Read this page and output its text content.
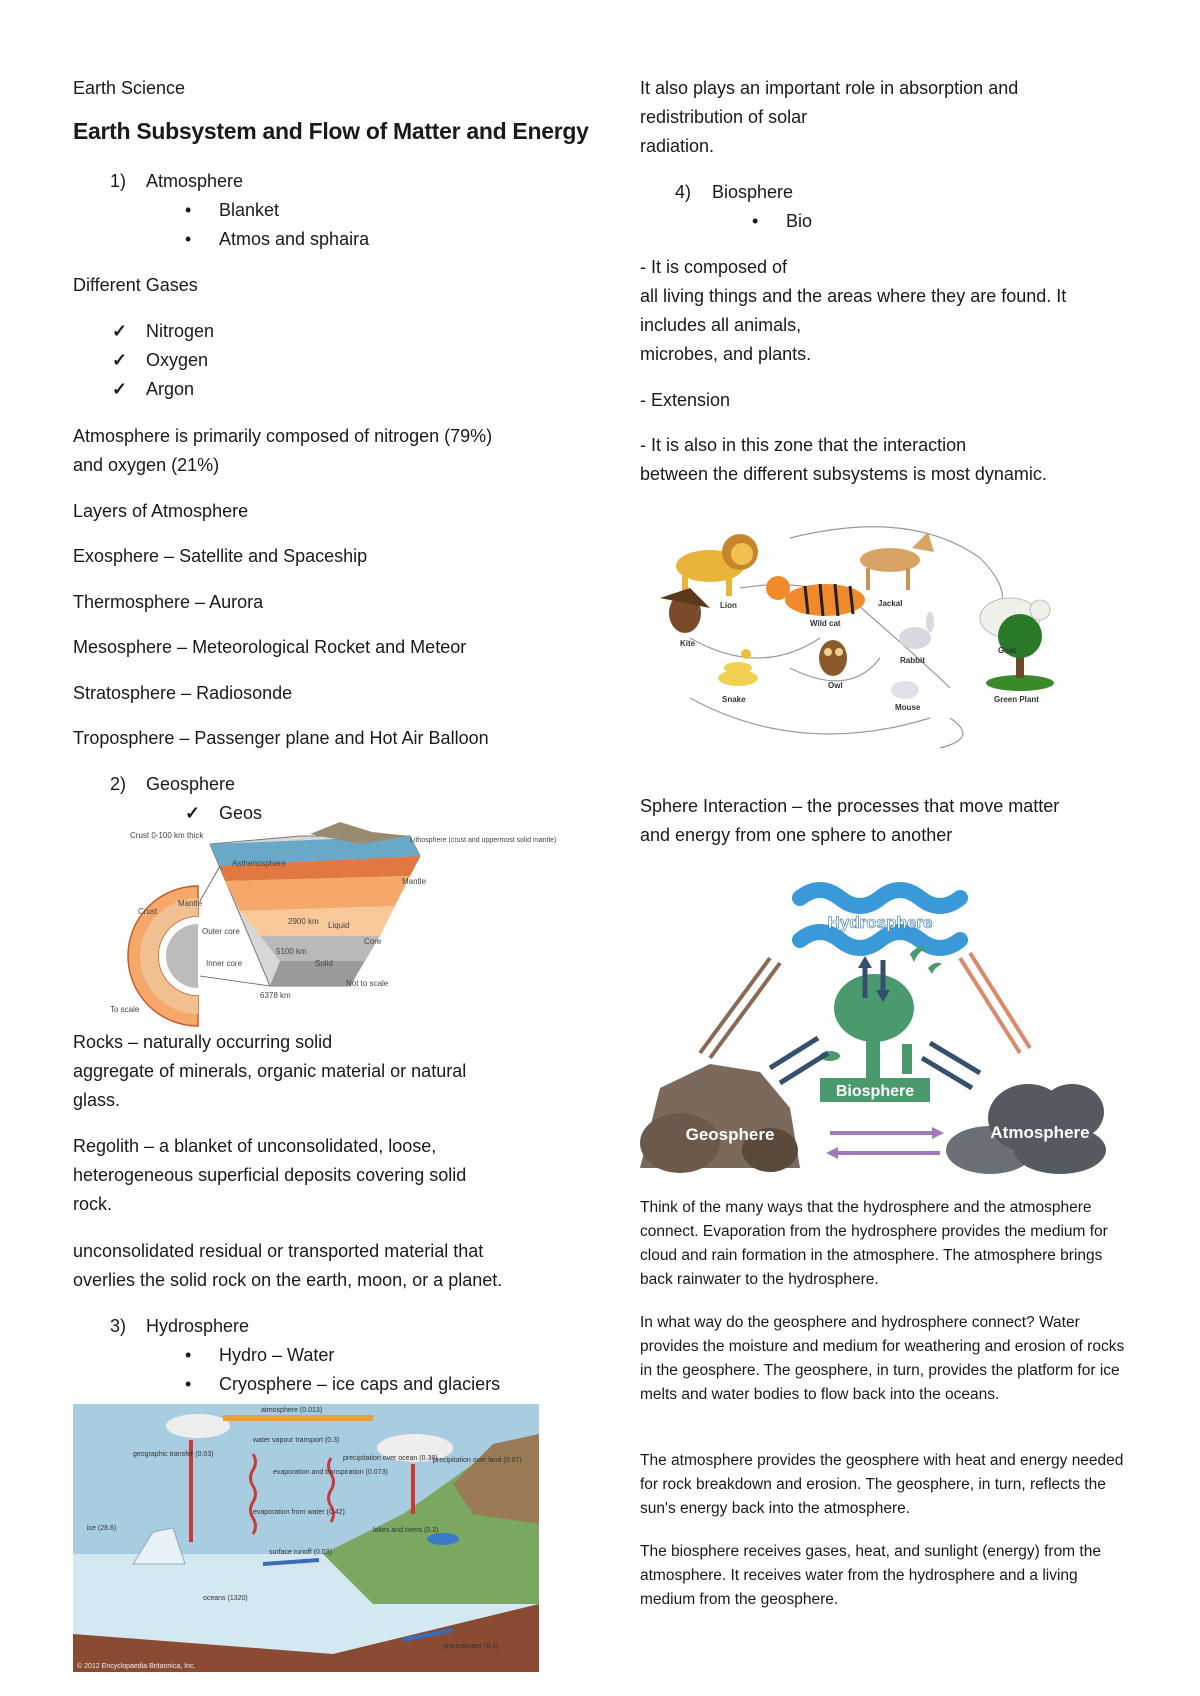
Earth Science
Earth Subsystem and Flow of Matter and Energy
1) Atmosphere
• Blanket
• Atmos and sphaira
Different Gases
✓ Nitrogen
✓ Oxygen
✓ Argon
Atmosphere is primarily composed of nitrogen (79%)
and oxygen (21%)
Layers of Atmosphere
Exosphere – Satellite and Spaceship
Thermosphere – Aurora
Mesosphere – Meteorological Rocket and Meteor
Stratosphere – Radiosonde
Troposphere – Passenger plane and Hot Air Balloon
2) Geosphere
✓ Geos
Crust 0-100 km thick
Asthenosphere
Mantle
Crust
Outer core
Inner core
2900 km
5100 km
6378 km
Liquid
Solid
Core
Lithosphere (crust and uppermost solid mantle)
Mantle
To scale
Not to scale
Rocks – naturally occurring solid
aggregate of minerals, organic material or natural
glass.
Regolith – a blanket of unconsolidated, loose,
heterogeneous superficial deposits covering solid
rock.
unconsolidated residual or transported material that
overlies the solid rock on the earth, moon, or a planet.
3) Hydrosphere
• Hydro – Water
• Cryosphere – ice caps and glaciers
atmosphere (0.013)
geographic transfer (0.03)
ice (28.6)
water vapour transport (0.3)
precipitation over land (0.07)
evaporation and transpiration (0.073)
evaporation from water (0.42)
precipitation over ocean (0.38)
surface runoff (0.03)
lakes and rivers (0.2)
oceans (1320)
groundwater (8.4)
© 2012 Encyclopaedia Britannica, Inc.
It also plays an important role in absorption and
redistribution of solar
radiation.
4) Biosphere
• Bio
- It is composed of
all living things and the areas where they are found. It
includes all animals,
microbes, and plants.
- Extension
- It is also in this zone that the interaction
between the different subsystems is most dynamic.
Lion	Jackal
Goat
Kite
Wild cat
Rabbit
Owl
Snake
Mouse
Green Plant
Sphere Interaction – the processes that move matter
and energy from one sphere to another
Hydrosphere
Biosphere
Geosphere	Atmosphere
Think of the many ways that the hydrosphere and the atmosphere connect. Evaporation from the hydrosphere provides the medium for cloud and rain formation in the atmosphere. The atmosphere brings back rainwater to the hydrosphere.
In what way do the geosphere and hydrosphere connect? Water provides the moisture and medium for weathering and erosion of rocks in the geosphere. The geosphere, in turn, provides the platform for ice melts and water bodies to flow back into the oceans.
The atmosphere provides the geosphere with heat and energy needed for rock breakdown and erosion. The geosphere, in turn, reflects the sun's energy back into the atmosphere.
The biosphere receives gases, heat, and sunlight (energy) from the atmosphere. It receives water from the hydrosphere and a living medium from the geosphere.
